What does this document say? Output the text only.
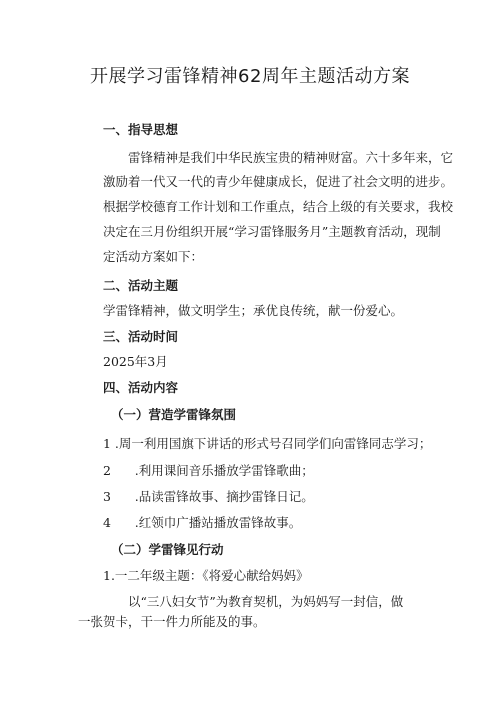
开展学习雷锋精神62周年主题活动方案
一、指导思想
雷锋精神是我们中华民族宝贵的精神财富。六十多年来，它
激励着一代又一代的青少年健康成长，促进了社会文明的进步。
根据学校德育工作计划和工作重点，结合上级的有关要求，我校
决定在三月份组织开展“学习雷锋服务月”主题教育活动，现制
定活动方案如下：
二、活动主题
学雷锋精神，做文明学生；承优良传统，献一份爱心。
三、活动时间
2025年3月
四、活动内容
（一）营造学雷锋氛围
1 .周一利用国旗下讲话的形式号召同学们向雷锋同志学习；
2      .利用课间音乐播放学雷锋歌曲；
3      .品读雷锋故事、摘抄雷锋日记。
4      .红领巾广播站播放雷锋故事。
（二）学雷锋见行动
1.一二年级主题：《将爱心献给妈妈》
以“三八妇女节”为教育契机，为妈妈写一封信，做
一张贺卡，干一件力所能及的事。
